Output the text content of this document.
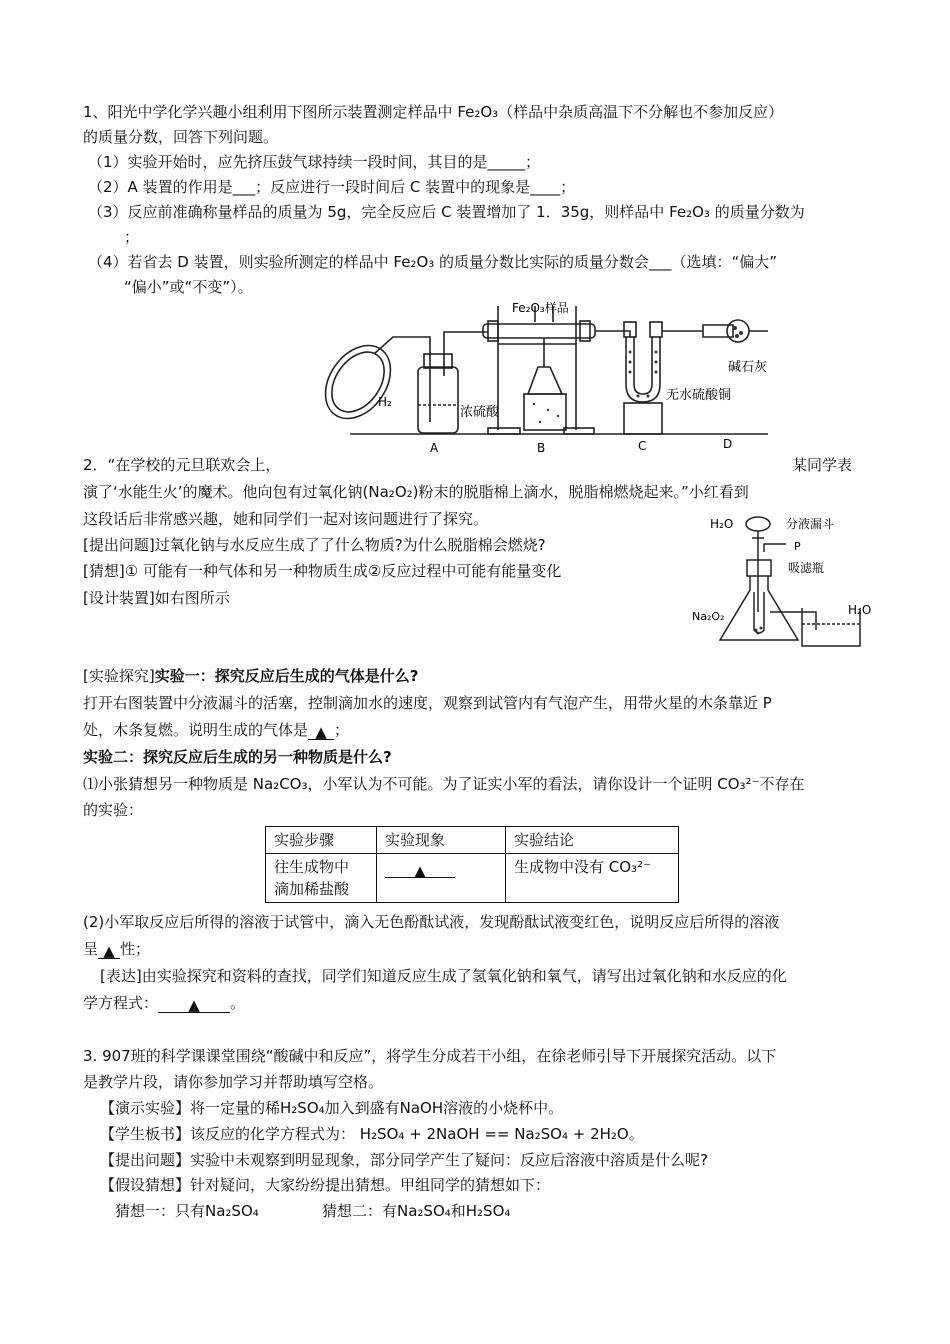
1、阳光中学化学兴趣小组利用下图所示装置测定样品中 Fe₂O₃（样品中杂质高温下不分解也不参加反应）
的质量分数，回答下列问题。
（1）实验开始时，应先挤压鼓气球持续一段时间，其目的是_____；
（2）A 装置的作用是___；反应进行一段时间后 C 装置中的现象是____；
（3）反应前准确称量样品的质量为 5g，完全反应后 C 装置增加了 1．35g，则样品中 Fe₂O₃ 的质量分数为
；
（4）若省去 D 装置，则实验所测定的样品中 Fe₂O₃ 的质量分数比实际的质量分数会___（选填：“偏大”
“偏小”或“不变”）。
Fe₂O₃样品
H₂
浓硫酸
无水硫酸铜
碱石灰
A	B	C	D
2．“在学校的元旦联欢会上，	某同学表
演了‘水能生火’的魔术。他向包有过氧化钠(Na₂O₂)粉末的脱脂棉上滴水，脱脂棉燃烧起来。”小红看到
这段话后非常感兴趣，她和同学们一起对该问题进行了探究。
[提出问题]过氧化钠与水反应生成了了什么物质?为什么脱脂棉会燃烧?
[猜想]① 可能有一种气体和另一种物质生成②反应过程中可能有能量变化
[设计装置]如右图所示
H₂O	分液漏斗
P
吸滤瓶
Na₂O₂	H₂O
[实验探究]实验一：探究反应后生成的气体是什么?
打开右图装置中分液漏斗的活塞，控制滴加水的速度，观察到试管内有气泡产生，用带火星的木条靠近 P
处，木条复燃。说明生成的气体是 ▲ ；
实验二：探究反应后生成的另一种物质是什么?
⑴小张猜想另一种物质是 Na₂CO₃，小军认为不可能。为了证实小军的看法，请你设计一个证明 CO₃²⁻不存在
的实验：
实验步骤	实验现象	实验结论

往生成物中
滴加稀盐酸	▲	生成物中没有 CO₃²⁻
(2)小军取反应后所得的溶液于试管中，滴入无色酚酞试液，发现酚酞试液变红色，说明反应后所得的溶液
呈 ▲ 性；
[表达]由实验探究和资料的查找，同学们知道反应生成了氢氧化钠和氧气，请写出过氧化钠和水反应的化
学方程式： ▲ 。
3. 907班的科学课课堂围绕“酸碱中和反应”，将学生分成若干小组，在徐老师引导下开展探究活动。以下
是教学片段，请你参加学习并帮助填写空格。
【演示实验】将一定量的稀H₂SO₄加入到盛有NaOH溶液的小烧杯中。
【学生板书】该反应的化学方程式为： H₂SO₄ + 2NaOH == Na₂SO₄ + 2H₂O。
【提出问题】实验中未观察到明显现象，部分同学产生了疑问：反应后溶液中溶质是什么呢?
【假设猜想】针对疑问，大家纷纷提出猜想。甲组同学的猜想如下：
猜想一：只有Na₂SO₄	猜想二：有Na₂SO₄和H₂SO₄
